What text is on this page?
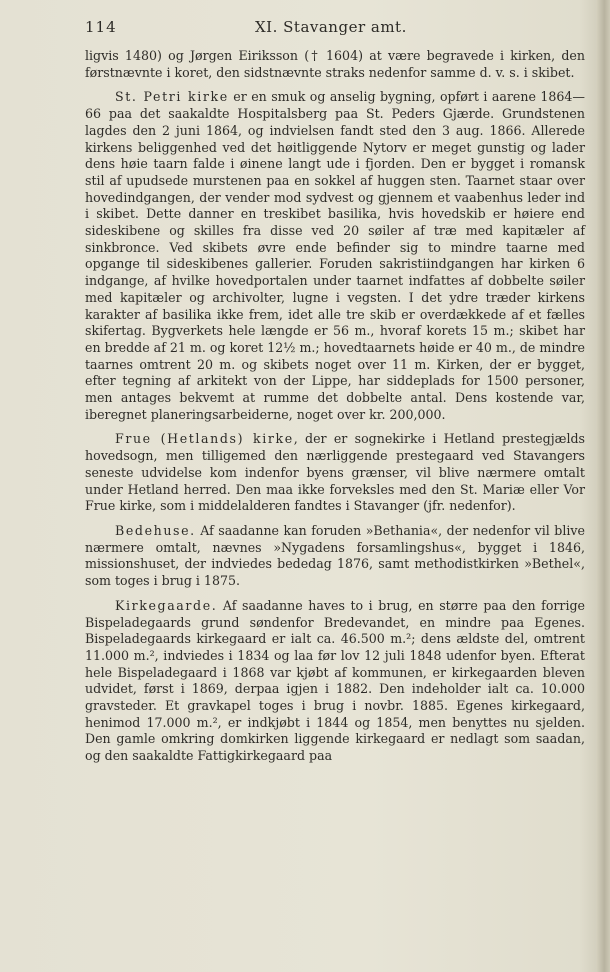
114	XI. Stavanger amt.

ligvis 1480) og Jørgen Eiriksson († 1604) at være begravede i kirken, den førstnævnte i koret, den sidstnævnte straks nedenfor samme d. v. s. i skibet.

St. Petri kirke er en smuk og anselig bygning, opført i aarene 1864—66 paa det saakaldte Hospitalsberg paa St. Peders Gjærde. Grundstenen lagdes den 2 juni 1864, og indvielsen fandt sted den 3 aug. 1866. Allerede kirkens beliggenhed ved det høitliggende Nytorv er meget gunstig og lader dens høie taarn falde i øinene langt ude i fjorden. Den er bygget i romansk stil af upudsede murstenen paa en sokkel af huggen sten. Taarnet staar over hovedindgangen, der vender mod sydvest og gjennem et vaabenhus leder ind i skibet. Dette danner en treskibet basilika, hvis hovedskib er høiere end sideskibene og skilles fra disse ved 20 søiler af træ med kapitæler af sinkbronce. Ved skibets øvre ende befinder sig to mindre taarne med opgange til sideskibenes gallerier. Foruden sakristiindgangen har kirken 6 indgange, af hvilke hovedportalen under taarnet indfattes af dobbelte søiler med kapitæler og archivolter, lugne i vegsten. I det ydre træder kirkens karakter af basilika ikke frem, idet alle tre skib er overdækkede af et fælles skifertag. Bygverkets hele længde er 56 m., hvoraf korets 15 m.; skibet har en bredde af 21 m. og koret 12½ m.; hovedtaarnets høide er 40 m., de mindre taarnes omtrent 20 m. og skibets noget over 11 m. Kirken, der er bygget, efter tegning af arkitekt von der Lippe, har siddeplads for 1500 personer, men antages bekvemt at rumme det dobbelte antal. Dens kostende var, iberegnet planeringsarbeiderne, noget over kr. 200,000.

Frue (Hetlands) kirke, der er sognekirke i Hetland prestegjælds hovedsogn, men tilligemed den nærliggende prestegaard ved Stavangers seneste udvidelse kom indenfor byens grænser, vil blive nærmere omtalt under Hetland herred. Den maa ikke forveksles med den St. Mariæ eller Vor Frue kirke, som i middelalderen fandtes i Stavanger (jfr. nedenfor).

Bedehuse. Af saadanne kan foruden »Bethania«, der nedenfor vil blive nærmere omtalt, nævnes »Nygadens forsamlingshus«, bygget i 1846, missionshuset, der indviedes bededag 1876, samt methodistkirken »Bethel«, som toges i brug i 1875.

Kirkegaarde. Af saadanne haves to i brug, en større paa den forrige Bispeladegaards grund søndenfor Bredevandet, en mindre paa Egenes. Bispeladegaards kirkegaard er ialt ca. 46.500 m.²; dens ældste del, omtrent 11.000 m.², indviedes i 1834 og laa før lov 12 juli 1848 udenfor byen. Efterat hele Bispeladegaard i 1868 var kjøbt af kommunen, er kirkegaarden bleven udvidet, først i 1869, derpaa igjen i 1882. Den indeholder ialt ca. 10.000 gravsteder. Et gravkapel toges i brug i novbr. 1885. Egenes kirkegaard, henimod 17.000 m.², er indkjøbt i 1844 og 1854, men benyttes nu sjelden. Den gamle omkring domkirken liggende kirkegaard er nedlagt som saadan, og den saakaldte Fattigkirkegaard paa
